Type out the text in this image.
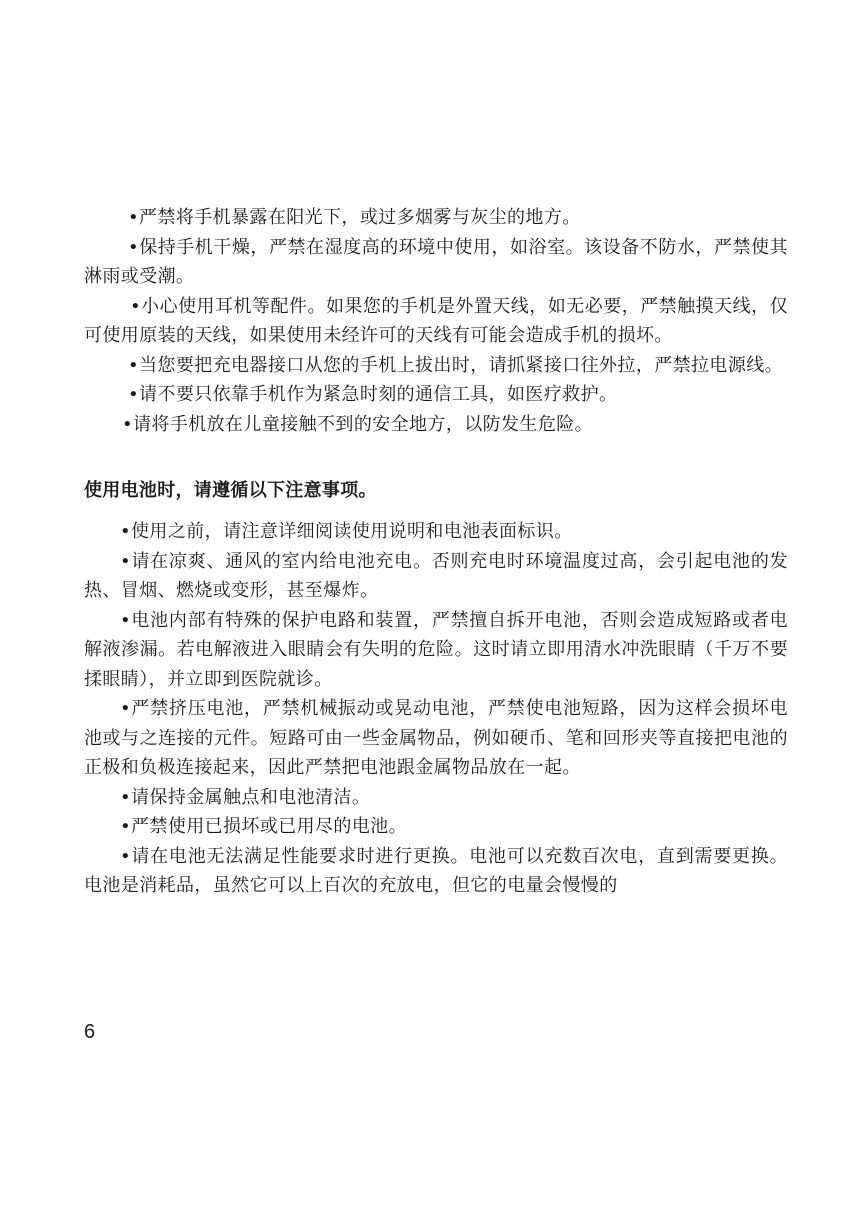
•严禁将手机暴露在阳光下，或过多烟雾与灰尘的地方。

•保持手机干燥，严禁在湿度高的环境中使用，如浴室。该设备不防水，严禁使其淋雨或受潮。

•小心使用耳机等配件。如果您的手机是外置天线，如无必要，严禁触摸天线，仅可使用原装的天线，如果使用未经许可的天线有可能会造成手机的损坏。

•当您要把充电器接口从您的手机上拔出时，请抓紧接口往外拉，严禁拉电源线。

•请不要只依靠手机作为紧急时刻的通信工具，如医疗救护。

•请将手机放在儿童接触不到的安全地方，以防发生危险。

使用电池时，请遵循以下注意事项。

•使用之前，请注意详细阅读使用说明和电池表面标识。

•请在凉爽、通风的室内给电池充电。否则充电时环境温度过高，会引起电池的发热、冒烟、燃烧或变形，甚至爆炸。

•电池内部有特殊的保护电路和装置，严禁擅自拆开电池，否则会造成短路或者电解液渗漏。若电解液进入眼睛会有失明的危险。这时请立即用清水冲洗眼睛（千万不要揉眼睛），并立即到医院就诊。

•严禁挤压电池，严禁机械振动或晃动电池，严禁使电池短路，因为这样会损坏电池或与之连接的元件。短路可由一些金属物品，例如硬币、笔和回形夹等直接把电池的正极和负极连接起来，因此严禁把电池跟金属物品放在一起。

•请保持金属触点和电池清洁。

•严禁使用已损坏或已用尽的电池。

•请在电池无法满足性能要求时进行更换。电池可以充数百次电，直到需要更换。电池是消耗品，虽然它可以上百次的充放电，但它的电量会慢慢的

6
